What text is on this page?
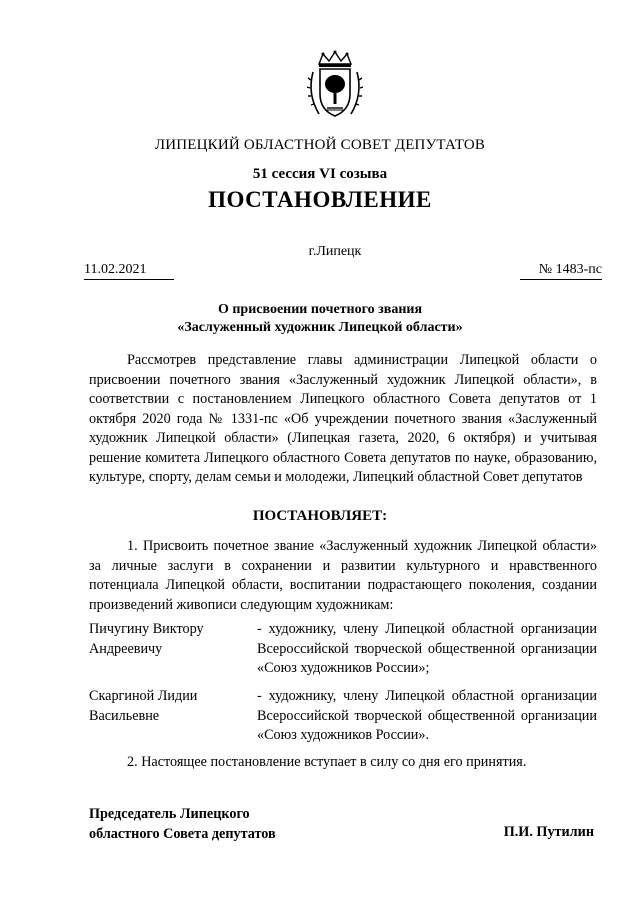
ЛИПЕЦКИЙ ОБЛАСТНОЙ СОВЕТ ДЕПУТАТОВ
51 сессия VI созыва
ПОСТАНОВЛЕНИЕ
г.Липецк
11.02.2021	№ 1483-пс
О присвоении почетного звания
«Заслуженный художник Липецкой области»
Рассмотрев представление главы администрации Липецкой области о присвоении почетного звания «Заслуженный художник Липецкой области», в соответствии с постановлением Липецкого областного Совета депутатов от 1 октября 2020 года № 1331-пс «Об учреждении почетного звания «Заслуженный художник Липецкой области» (Липецкая газета, 2020, 6 октября) и учитывая решение комитета Липецкого областного Совета депутатов по науке, образованию, культуре, спорту, делам семьи и молодежи, Липецкий областной Совет депутатов
ПОСТАНОВЛЯЕТ:
1. Присвоить почетное звание «Заслуженный художник Липецкой области» за личные заслуги в сохранении и развитии культурного и нравственного потенциала Липецкой области, воспитании подрастающего поколения, создании произведений живописи следующим художникам:
Пичугину Виктору
Андреевичу
- художнику, члену Липецкой областной организации Всероссийской творческой общественной организации «Союз художников России»;
Скаргиной Лидии
Васильевне
- художнику, члену Липецкой областной организации Всероссийской творческой общественной организации «Союз художников России».
2. Настоящее постановление вступает в силу со дня его принятия.
Председатель Липецкого
областного Совета депутатов	П.И. Путилин
